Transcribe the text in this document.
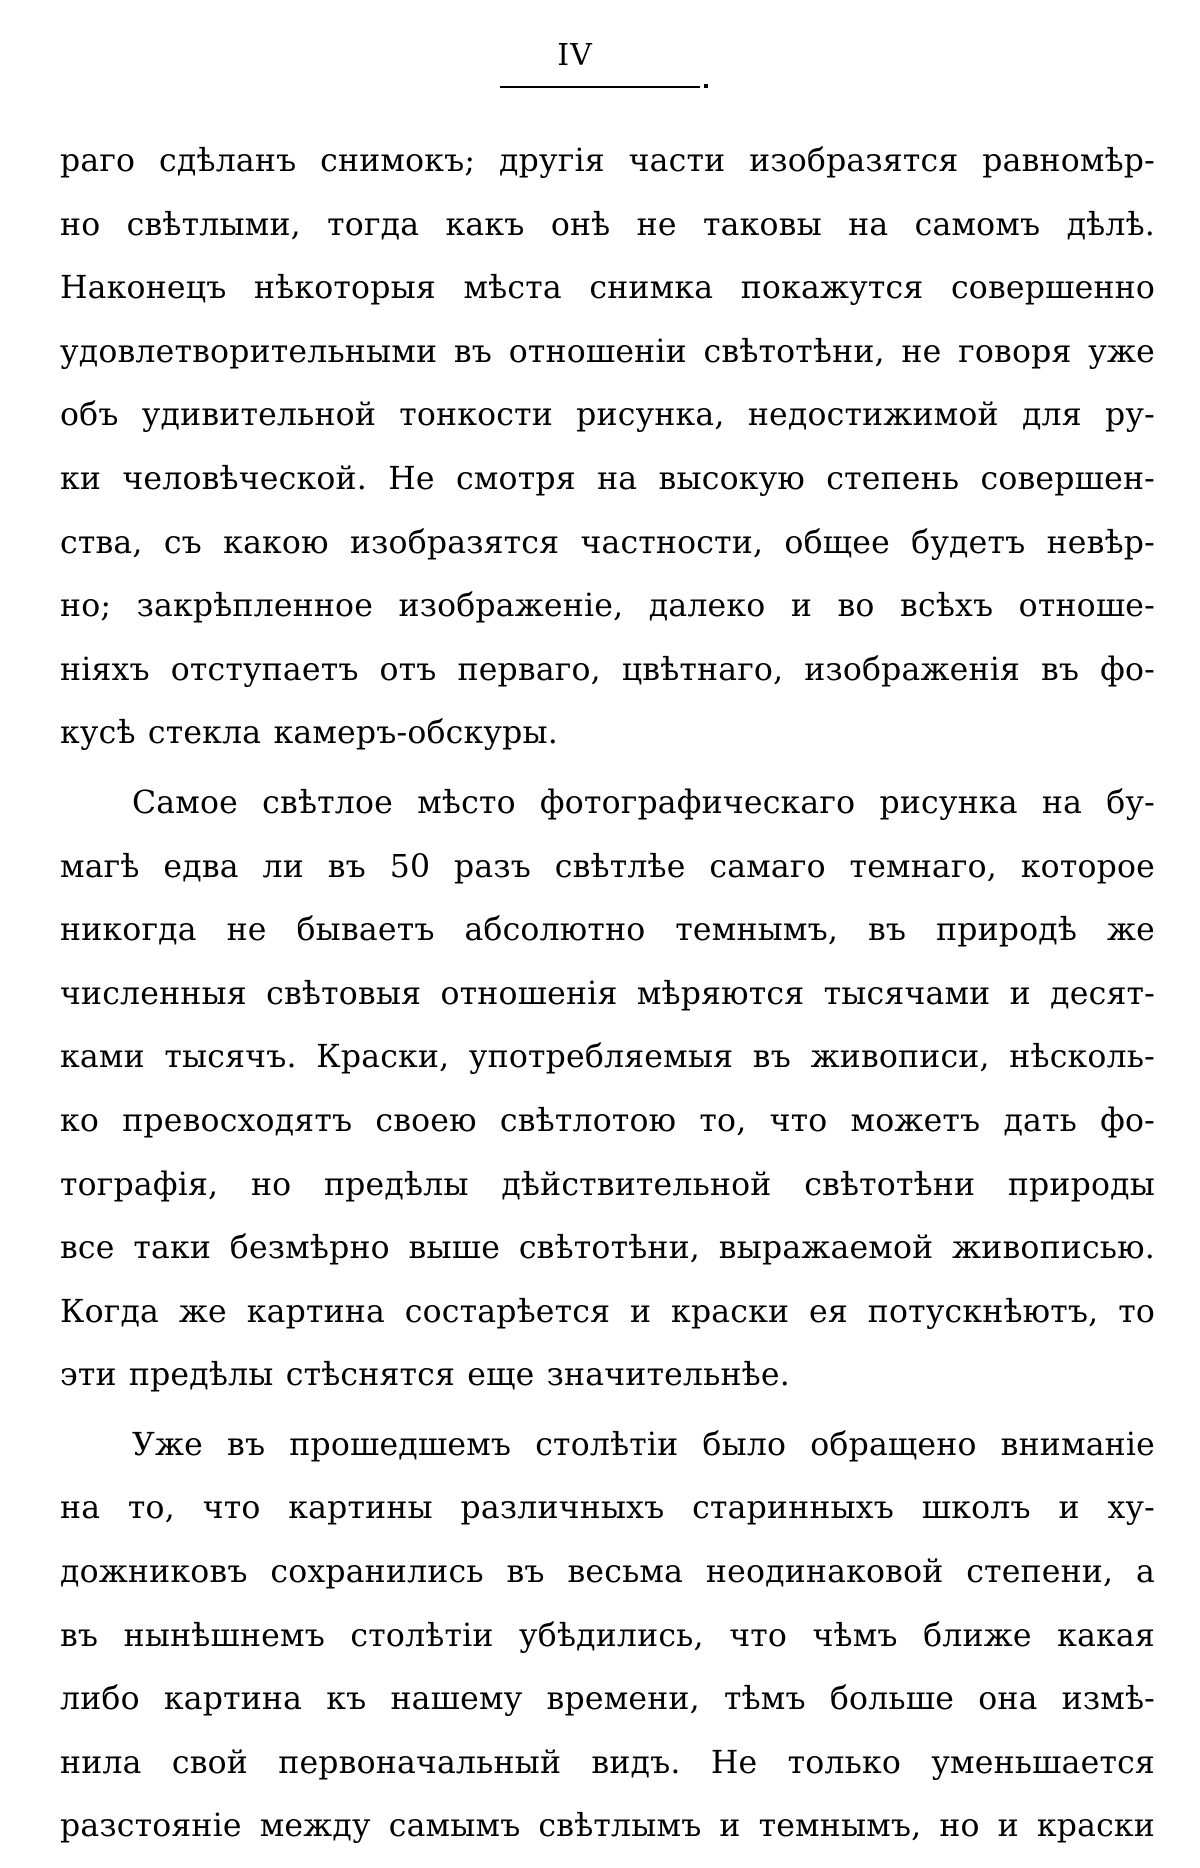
IV
раго сдѣланъ снимокъ; другія части изобразятся равномѣр-
но свѣтлыми, тогда какъ онѣ не таковы на самомъ дѣлѣ.
Наконецъ нѣкоторыя мѣста снимка покажутся совершенно
удовлетворительными въ отношеніи свѣтотѣни, не говоря уже
объ удивительной тонкости рисунка, недостижимой для ру-
ки человѣческой. Не смотря на высокую степень совершен-
ства, съ какою изобразятся частности, общее будетъ невѣр-
но; закрѣпленное изображеніе, далеко и во всѣхъ отноше-
ніяхъ отступаетъ отъ перваго, цвѣтнаго, изображенія въ фо-
кусѣ стекла камеръ-обскуры.
Самое свѣтлое мѣсто фотографическаго рисунка на бу-
магѣ едва ли въ 50 разъ свѣтлѣе самаго темнаго, которое
никогда не бываетъ абсолютно темнымъ, въ природѣ же
численныя свѣтовыя отношенія мѣряются тысячами и десят-
ками тысячъ. Краски, употребляемыя въ живописи, нѣсколь-
ко превосходятъ своею свѣтлотою то, что можетъ дать фо-
тографія, но предѣлы дѣйствительной свѣтотѣни природы
все таки безмѣрно выше свѣтотѣни, выражаемой живописью.
Когда же картина состарѣется и краски ея потускнѣютъ, то
эти предѣлы стѣснятся еще значительнѣе.
Уже въ прошедшемъ столѣтіи было обращено вниманіе
на то, что картины различныхъ старинныхъ школъ и ху-
дожниковъ сохранились въ весьма неодинаковой степени, а
въ нынѣшнемъ столѣтіи убѣдились, что чѣмъ ближе какая
либо картина къ нашему времени, тѣмъ больше она измѣ-
нила свой первоначальный видъ. Не только уменьшается
разстояніе между самымъ свѣтлымъ и темнымъ, но и краски
